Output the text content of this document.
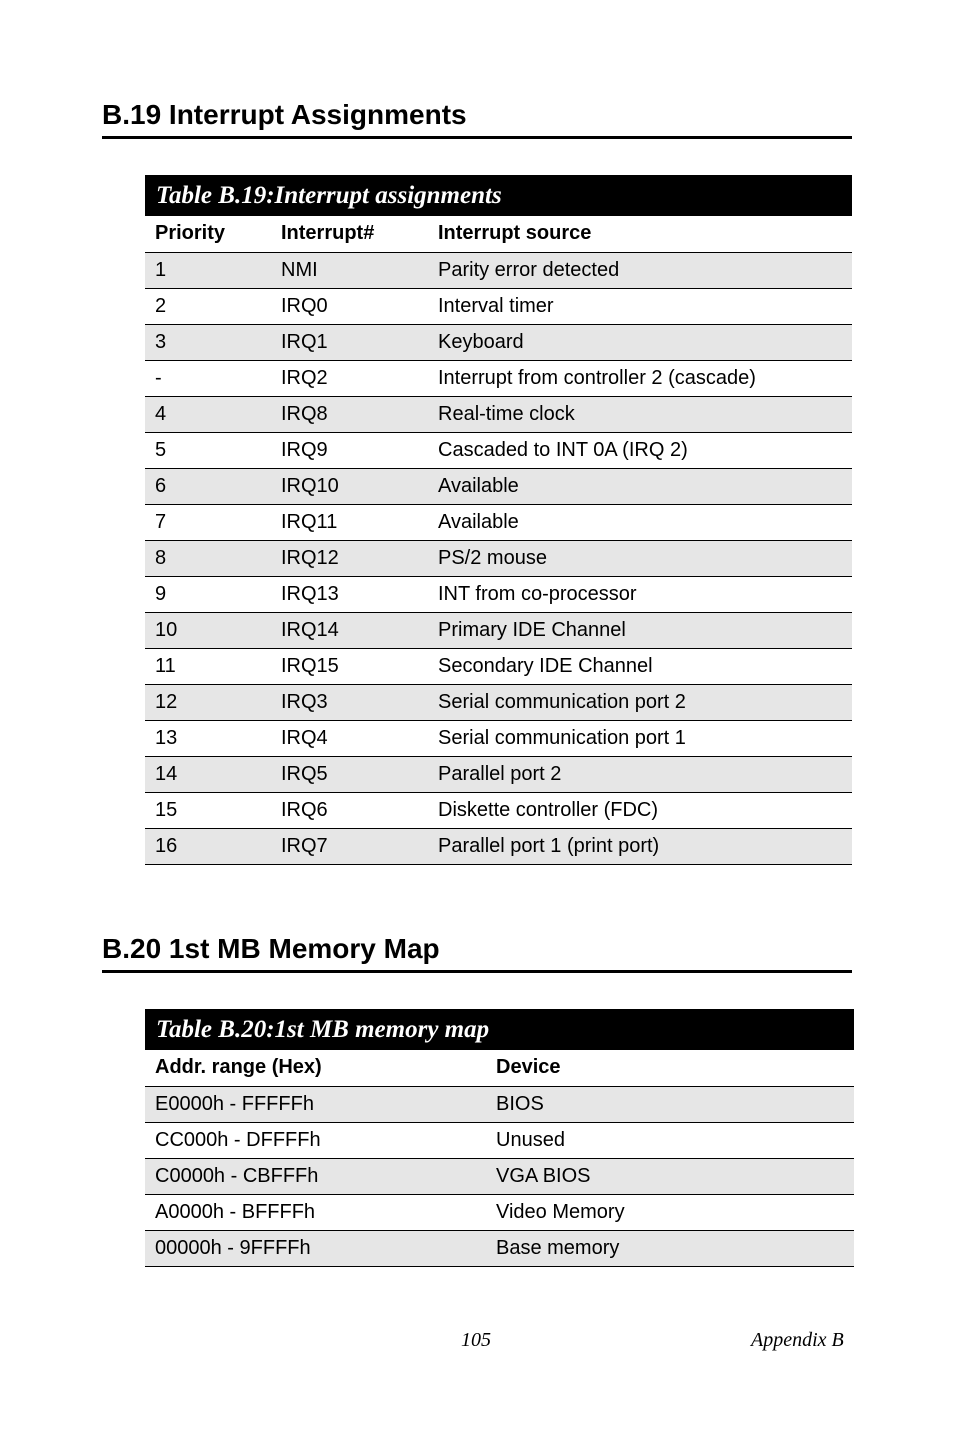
B.19 Interrupt Assignments
Table B.19:Interrupt assignments
Priority	Interrupt#	Interrupt source
1	NMI	Parity error detected
2	IRQ0	Interval timer
3	IRQ1	Keyboard
-	IRQ2	Interrupt from controller 2 (cascade)
4	IRQ8	Real-time clock
5	IRQ9	Cascaded to INT 0A (IRQ 2)
6	IRQ10	Available
7	IRQ11	Available
8	IRQ12	PS/2 mouse
9	IRQ13	INT from co-processor
10	IRQ14	Primary IDE Channel
11	IRQ15	Secondary IDE Channel
12	IRQ3	Serial communication port 2
13	IRQ4	Serial communication port 1
14	IRQ5	Parallel port 2
15	IRQ6	Diskette controller (FDC)
16	IRQ7	Parallel port 1 (print port)
B.20 1st MB Memory Map
Table B.20:1st MB memory map
Addr. range (Hex)	Device
E0000h - FFFFFh	BIOS
CC000h - DFFFFh	Unused
C0000h - CBFFFh	VGA BIOS
A0000h - BFFFFh	Video Memory
00000h - 9FFFFh	Base memory
105	Appendix B
